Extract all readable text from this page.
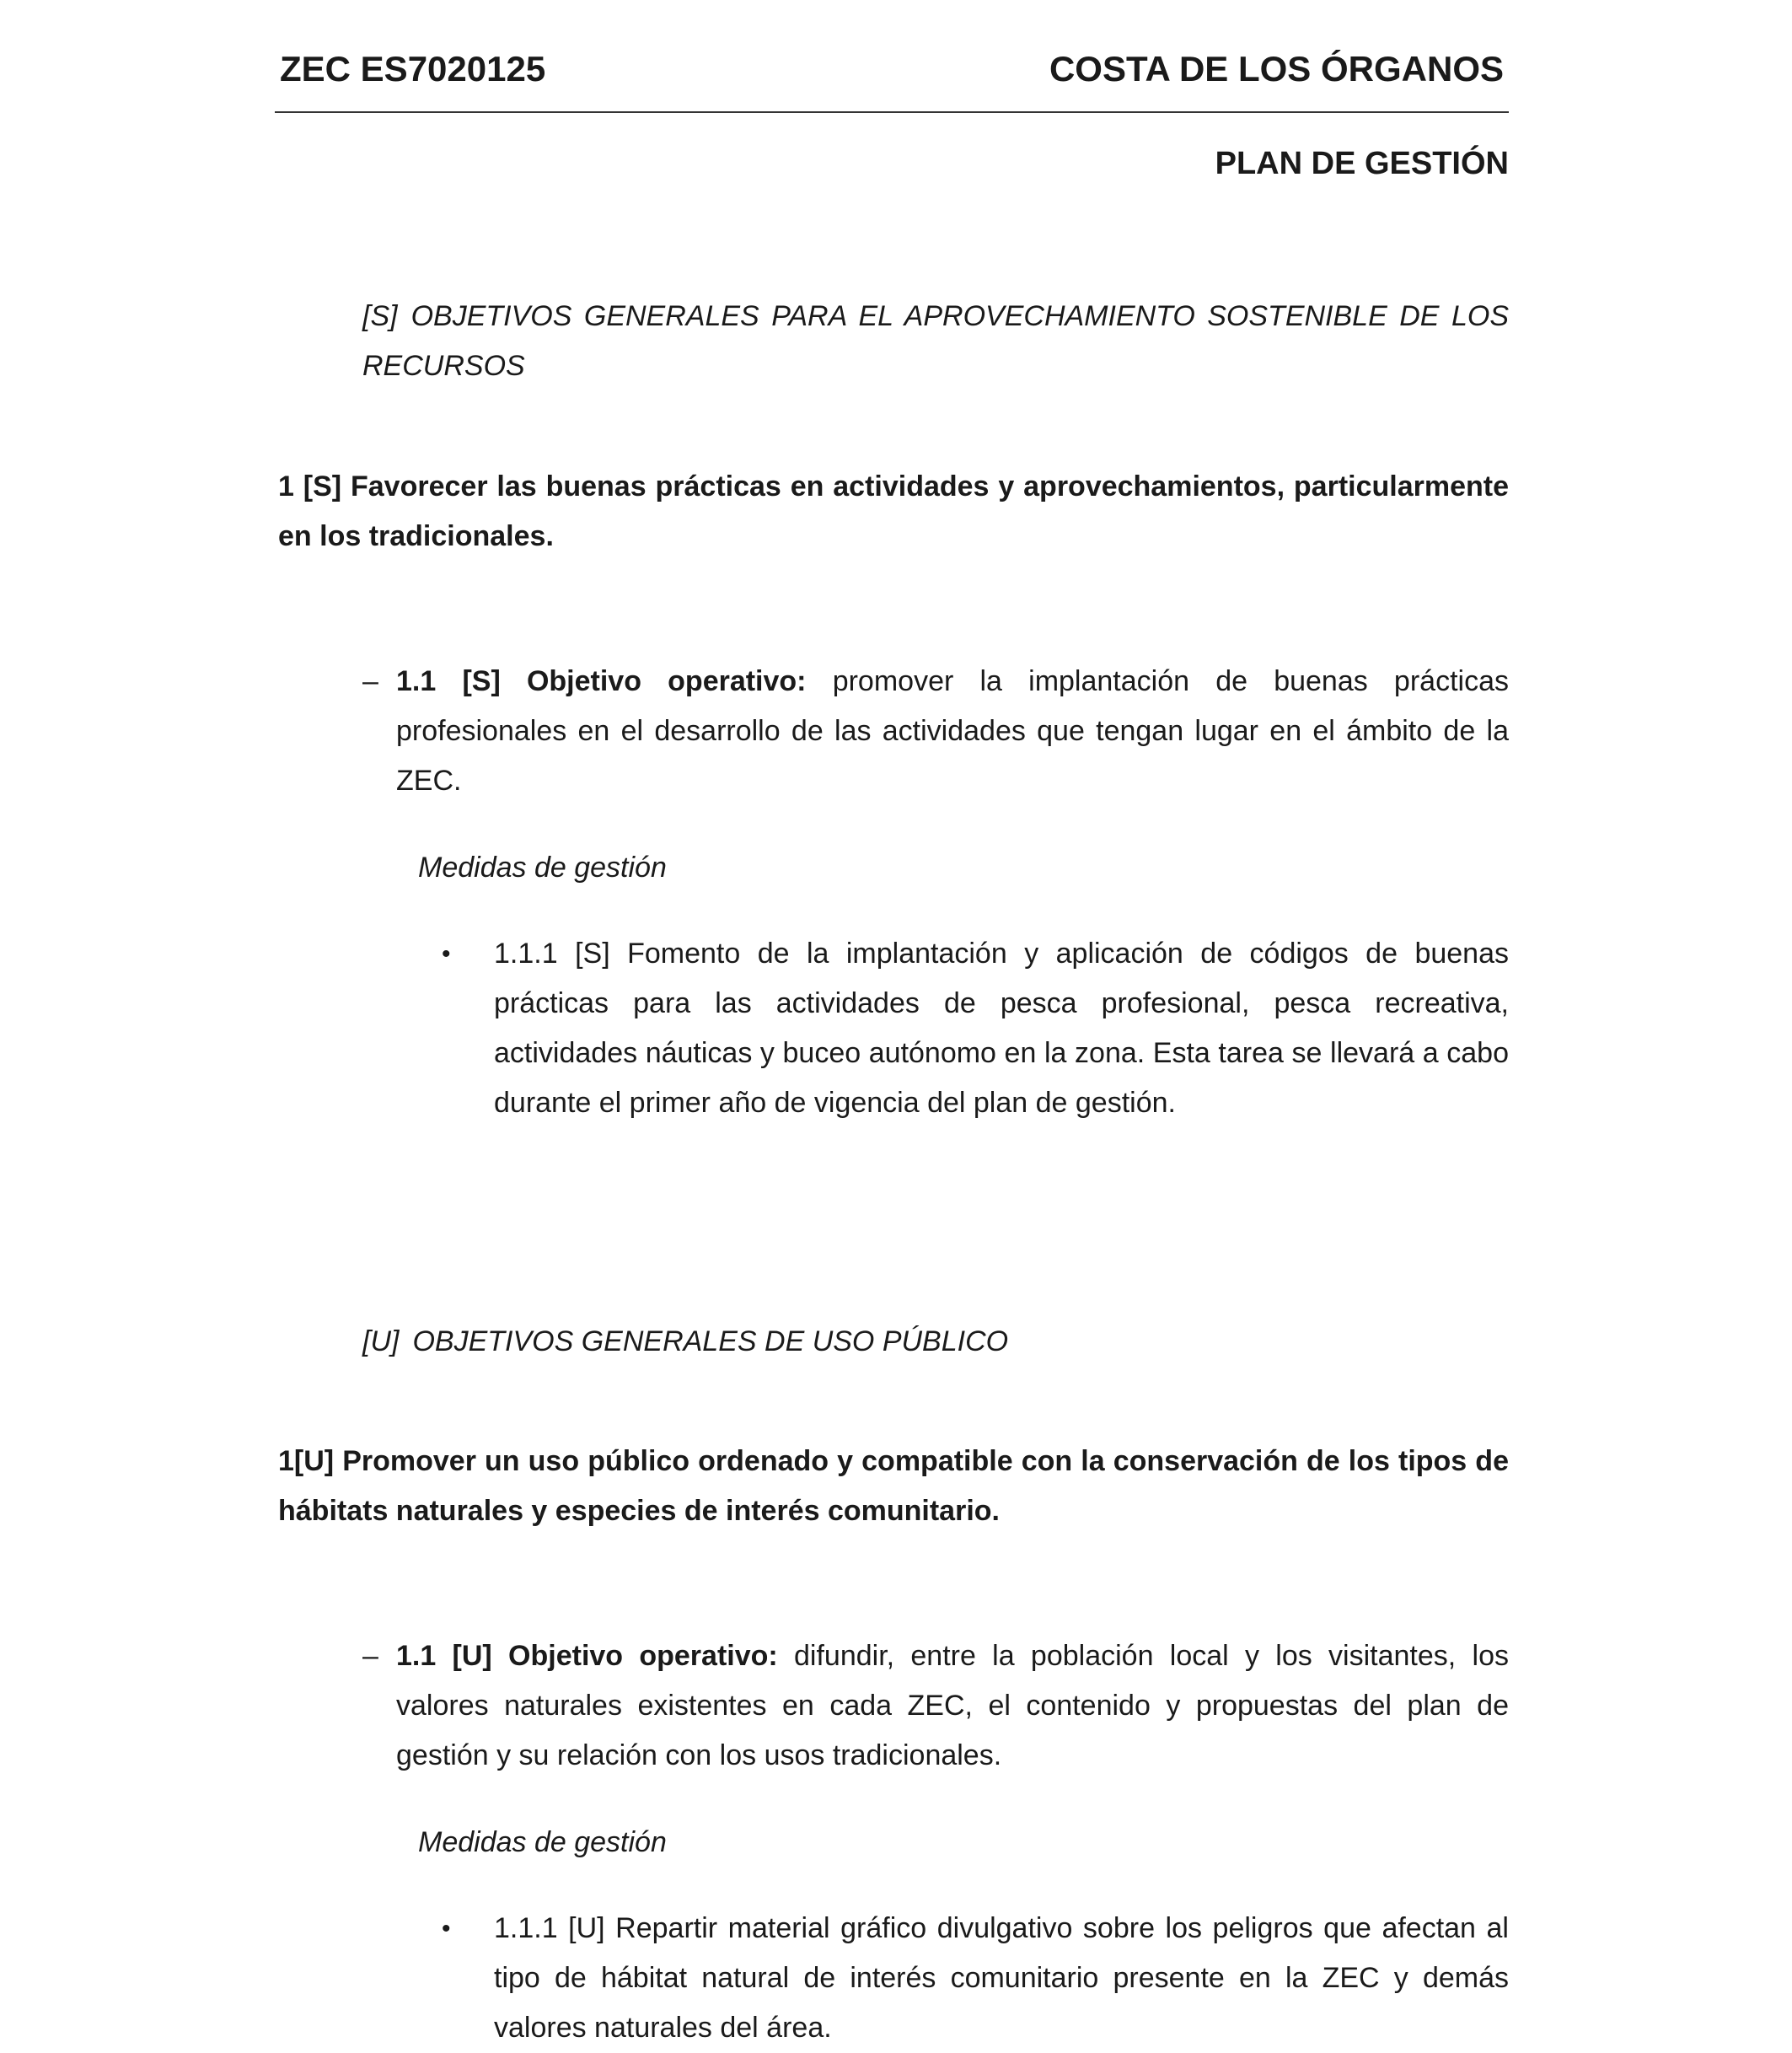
ZEC ES7020125	COSTA DE LOS ÓRGANOS
PLAN DE GESTIÓN
[S] OBJETIVOS GENERALES PARA EL APROVECHAMIENTO SOSTENIBLE DE LOS RECURSOS
1 [S] Favorecer las buenas prácticas en actividades y aprovechamientos, particularmente en los tradicionales.
– 1.1 [S] Objetivo operativo: promover la implantación de buenas prácticas profesionales en el desarrollo de las actividades que tengan lugar en el ámbito de la ZEC.
Medidas de gestión
• 1.1.1 [S] Fomento de la implantación y aplicación de códigos de buenas prácticas para las actividades de pesca profesional, pesca recreativa, actividades náuticas y buceo autónomo en la zona. Esta tarea se llevará a cabo durante el primer año de vigencia del plan de gestión.
[U] OBJETIVOS GENERALES DE USO PÚBLICO
1[U] Promover un uso público ordenado y compatible con la conservación de los tipos de hábitats naturales y especies de interés comunitario.
– 1.1 [U] Objetivo operativo: difundir, entre la población local y los visitantes, los valores naturales existentes en cada ZEC, el contenido y propuestas del plan de gestión y su relación con los usos tradicionales.
Medidas de gestión
• 1.1.1 [U] Repartir material gráfico divulgativo sobre los peligros que afectan al tipo de hábitat natural de interés comunitario presente en la ZEC y demás valores naturales del área.
